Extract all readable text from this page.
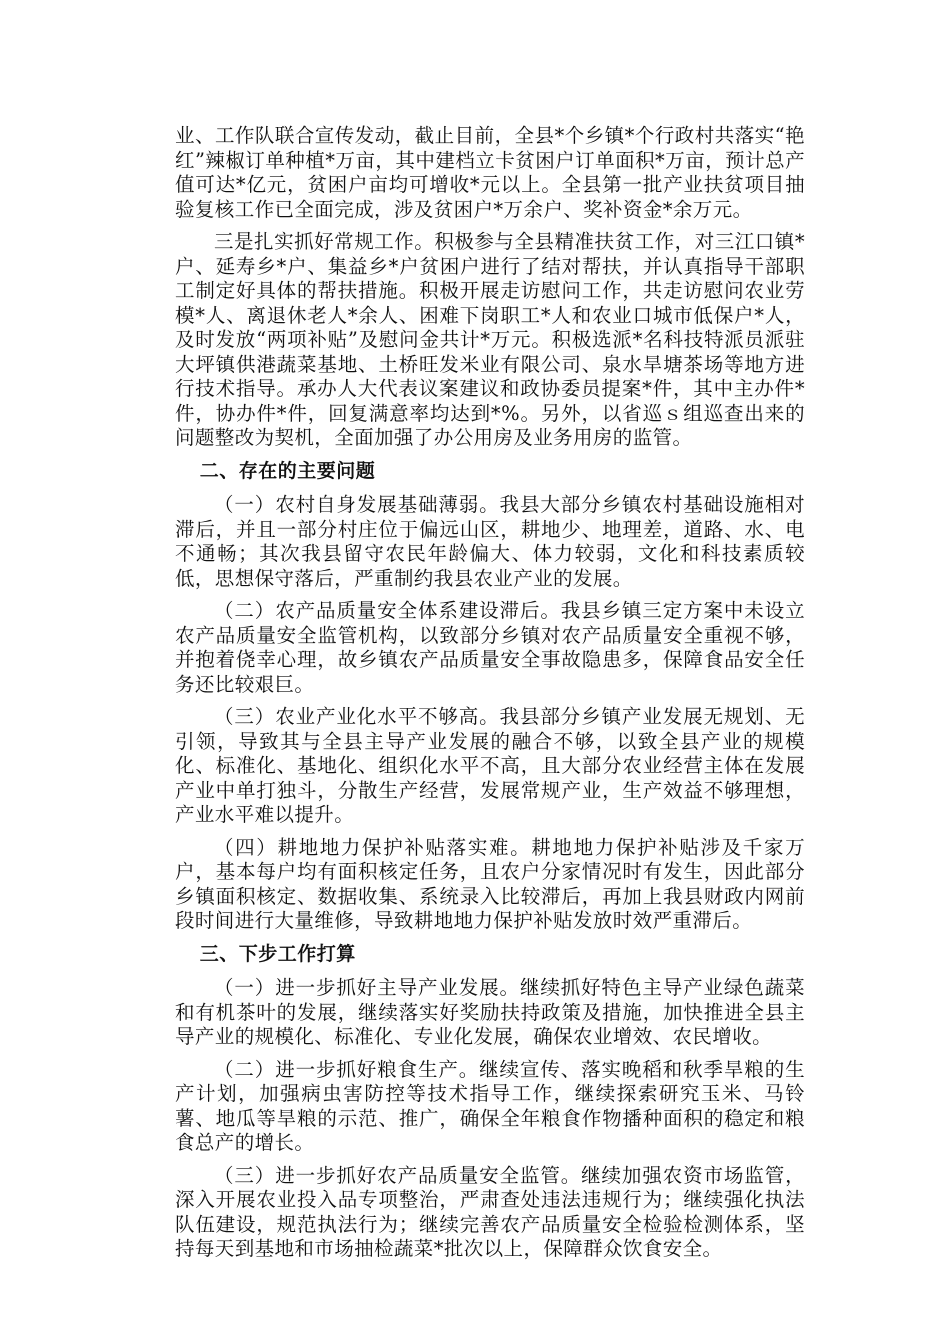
业、工作队联合宣传发动，截止目前，全县*个乡镇*个行政村共落实“艳红”辣椒订单种植*万亩，其中建档立卡贫困户订单面积*万亩，预计总产值可达*亿元，贫困户亩均可增收*元以上。全县第一批产业扶贫项目抽验复核工作已全面完成，涉及贫困户*万余户、奖补资金*余万元。

三是扎实抓好常规工作。积极参与全县精准扶贫工作，对三江口镇*户、延寿乡*户、集益乡*户贫困户进行了结对帮扶，并认真指导干部职工制定好具体的帮扶措施。积极开展走访慰问工作，共走访慰问农业劳模*人、离退休老人*余人、困难下岗职工*人和农业口城市低保户*人，及时发放“两项补贴”及慰问金共计*万元。积极选派*名科技特派员派驻大坪镇供港蔬菜基地、土桥旺发米业有限公司、泉水旱塘茶场等地方进行技术指导。承办人大代表议案建议和政协委员提案*件，其中主办件*件，协办件*件，回复满意率均达到*%。另外，以省巡ｓ组巡查出来的问题整改为契机，全面加强了办公用房及业务用房的监管。

二、存在的主要问题

（一）农村自身发展基础薄弱。我县大部分乡镇农村基础设施相对滞后，并且一部分村庄位于偏远山区，耕地少、地理差，道路、水、电不通畅；其次我县留守农民年龄偏大、体力较弱，文化和科技素质较低，思想保守落后，严重制约我县农业产业的发展。

（二）农产品质量安全体系建设滞后。我县乡镇三定方案中未设立农产品质量安全监管机构，以致部分乡镇对农产品质量安全重视不够，并抱着侥幸心理，故乡镇农产品质量安全事故隐患多，保障食品安全任务还比较艰巨。

（三）农业产业化水平不够高。我县部分乡镇产业发展无规划、无引领，导致其与全县主导产业发展的融合不够，以致全县产业的规模化、标准化、基地化、组织化水平不高，且大部分农业经营主体在发展产业中单打独斗，分散生产经营，发展常规产业，生产效益不够理想，产业水平难以提升。

（四）耕地地力保护补贴落实难。耕地地力保护补贴涉及千家万户，基本每户均有面积核定任务，且农户分家情况时有发生，因此部分乡镇面积核定、数据收集、系统录入比较滞后，再加上我县财政内网前段时间进行大量维修，导致耕地地力保护补贴发放时效严重滞后。

三、下步工作打算

（一）进一步抓好主导产业发展。继续抓好特色主导产业绿色蔬菜和有机茶叶的发展，继续落实好奖励扶持政策及措施，加快推进全县主导产业的规模化、标准化、专业化发展，确保农业增效、农民增收。

（二）进一步抓好粮食生产。继续宣传、落实晚稻和秋季旱粮的生产计划，加强病虫害防控等技术指导工作，继续探索研究玉米、马铃薯、地瓜等旱粮的示范、推广，确保全年粮食作物播种面积的稳定和粮食总产的增长。

（三）进一步抓好农产品质量安全监管。继续加强农资市场监管，深入开展农业投入品专项整治，严肃查处违法违规行为；继续强化执法队伍建设，规范执法行为；继续完善农产品质量安全检验检测体系，坚持每天到基地和市场抽检蔬菜*批次以上，保障群众饮食安全。
